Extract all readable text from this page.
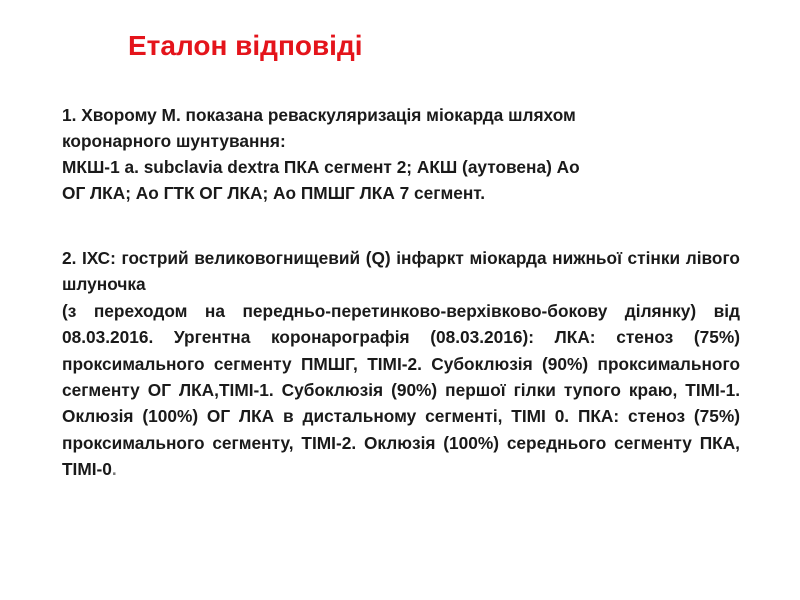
Еталон відповіді
1. Хворому М. показана реваскуляризація міокарда шляхом
коронарного шунтування:
МКШ-1 a. subclavia dextra ПКА сегмент 2; АКШ (аутовена) Ао
ОГ ЛКА; Ао ГТК ОГ ЛКА; Ао ПМШГ ЛКА 7 сегмент.

2. ІХС: гострий великовогнищевий (Q) інфаркт міокарда нижньої стінки лівого шлуночка

(з переходом на передньо-перетинково-верхівково-бокову ділянку) від 08.03.2016. Ургентна коронарографія (08.03.2016): ЛКА: стеноз (75%) проксимального сегменту ПМШГ, ТІМІ-2. Субоклюзія (90%) проксимального сегменту ОГ ЛКА,ТІМІ-1. Субоклюзія (90%) першої гілки тупого краю, ТІМІ-1. Оклюзія (100%) ОГ ЛКА в дистальному сегменті, ТІМІ 0. ПКА: стеноз (75%) проксимального сегменту, ТІМІ-2. Оклюзія (100%) середнього сегменту ПКА, ТІМІ-0.
